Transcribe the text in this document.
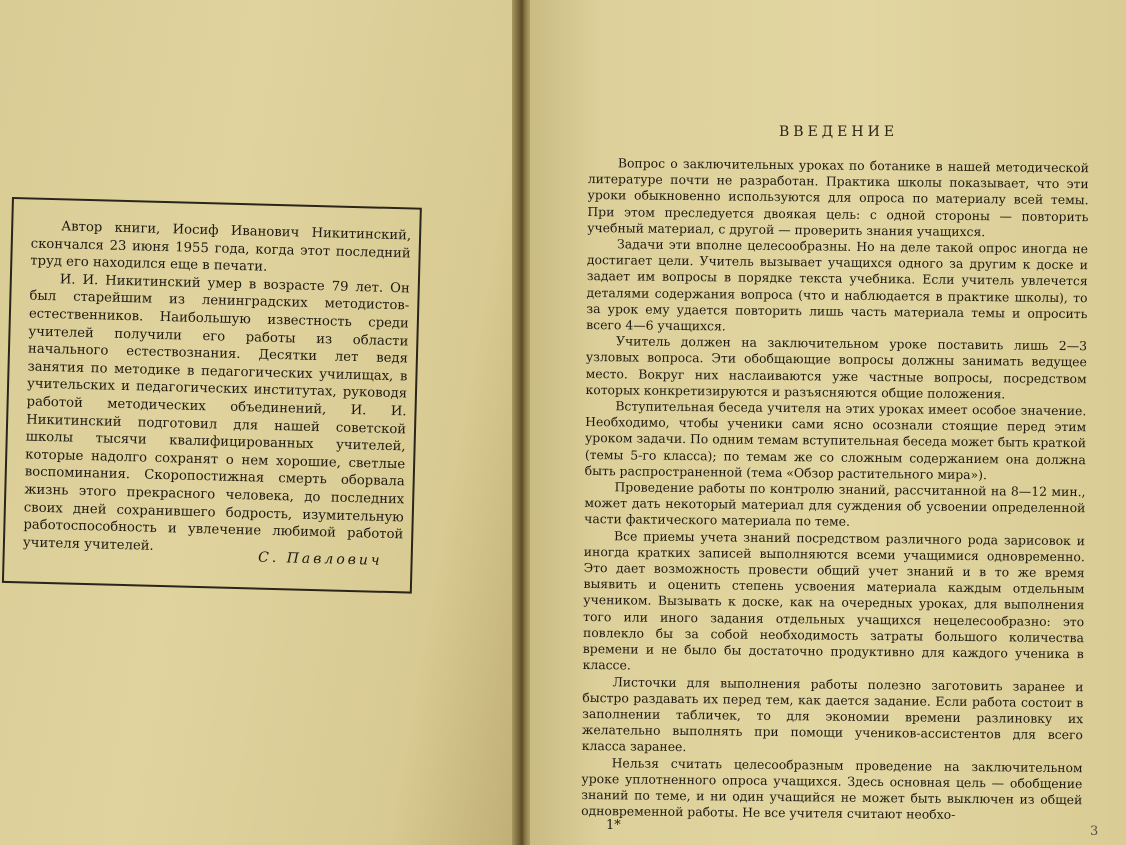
Автор книги, Иосиф Иванович Никитинский, скончался 23 июня 1955 года, когда этот последний труд его находился еще в печати.

И. И. Никитинский умер в возрасте 79 лет. Он был старейшим из ленинградских методистов-естественников. Наибольшую известность среди учителей получили его работы из области начального естествознания. Десятки лет ведя занятия по методике в педагогических училищах, в учительских и педагогических институтах, руководя работой методических объединений, И. И. Никитинский подготовил для нашей советской школы тысячи квалифицированных учителей, которые надолго сохранят о нем хорошие, светлые воспоминания. Скоропостижная смерть оборвала жизнь этого прекрасного человека, до последних своих дней сохранившего бодрость, изумительную работоспособность и увлечение любимой работой учителя учителей.

С. Павлович
ВВЕДЕНИЕ

Вопрос о заключительных уроках по ботанике в нашей методической литературе почти не разработан. Практика школы показывает, что эти уроки обыкновенно используются для опроса по материалу всей темы. При этом преследуется двоякая цель: с одной стороны — повторить учебный материал, с другой — проверить знания учащихся.

Задачи эти вполне целесообразны. Но на деле такой опрос иногда не достигает цели. Учитель вызывает учащихся одного за другим к доске и задает им вопросы в порядке текста учебника. Если учитель увлечется деталями содержания вопроса (что и наблюдается в практике школы), то за урок ему удается повторить лишь часть материала темы и опросить всего 4—6 учащихся.

Учитель должен на заключительном уроке поставить лишь 2—3 узловых вопроса. Эти обобщающие вопросы должны занимать ведущее место. Вокруг них наслаиваются уже частные вопросы, посредством которых конкретизируются и разъясняются общие положения.

Вступительная беседа учителя на этих уроках имеет особое значение. Необходимо, чтобы ученики сами ясно осознали стоящие перед этим уроком задачи. По одним темам вступительная беседа может быть краткой (темы 5-го класса); по темам же со сложным содержанием она должна быть распространенной (тема «Обзор растительного мира»).

Проведение работы по контролю знаний, рассчитанной на 8—12 мин., может дать некоторый материал для суждения об усвоении определенной части фактического материала по теме.

Все приемы учета знаний посредством различного рода зарисовок и иногда кратких записей выполняются всеми учащимися одновременно. Это дает возможность провести общий учет знаний и в то же время выявить и оценить степень усвоения материала каждым отдельным учеником. Вызывать к доске, как на очередных уроках, для выполнения того или иного задания отдельных учащихся нецелесообразно: это повлекло бы за собой необходимость затраты большого количества времени и не было бы достаточно продуктивно для каждого ученика в классе.

Листочки для выполнения работы полезно заготовить заранее и быстро раздавать их перед тем, как дается задание. Если работа состоит в заполнении табличек, то для экономии времени разлиновку их желательно выполнять при помощи учеников-ассистентов для всего класса заранее.

Нельзя считать целесообразным проведение на заключительном уроке уплотненного опроса учащихся. Здесь основная цель — обобщение знаний по теме, и ни один учащийся не может быть выключен из общей одновременной работы. Не все учителя считают необхо-

1*	3
